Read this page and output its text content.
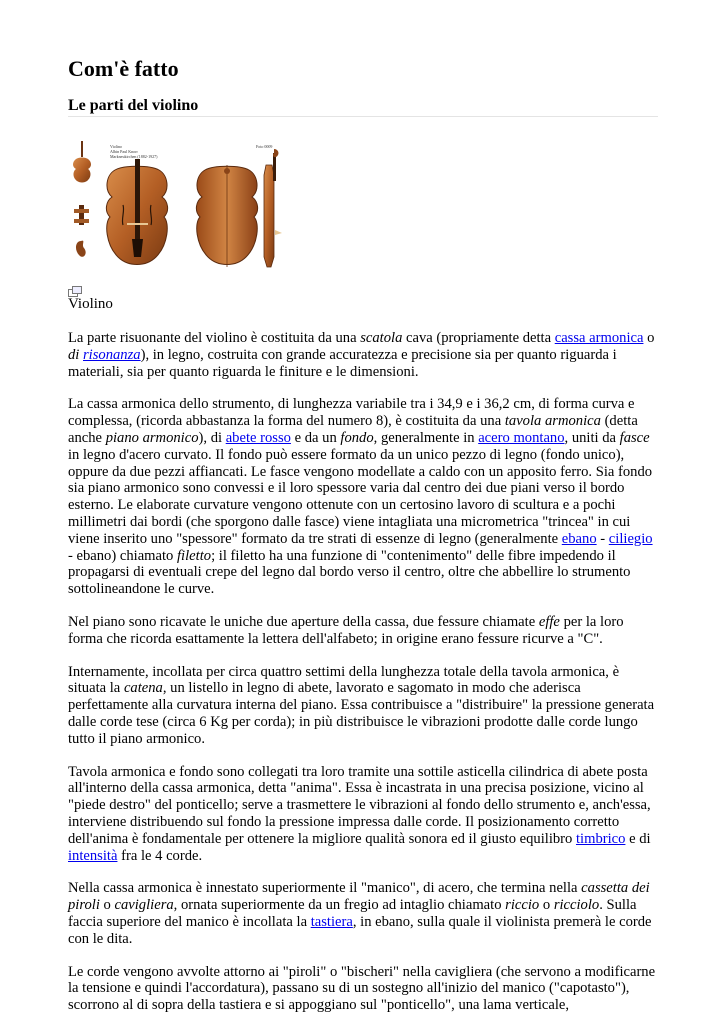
Com'è fatto
Le parti del violino
Violino
Albin Paul Knorr
Markneukirchen (1882-1927)
Foto 0009
Violino

La parte risuonante del violino è costituita da una scatola cava (propriamente detta cassa armonica o di risonanza), in legno, costruita con grande accuratezza e precisione sia per quanto riguarda i materiali, sia per quanto riguarda le finiture e le dimensioni.

La cassa armonica dello strumento, di lunghezza variabile tra i 34,9 e i 36,2 cm, di forma curva e complessa, (ricorda abbastanza la forma del numero 8), è costituita da una tavola armonica (detta anche piano armonico), di abete rosso e da un fondo, generalmente in acero montano, uniti da fasce in legno d'acero curvato. Il fondo può essere formato da un unico pezzo di legno (fondo unico), oppure da due pezzi affiancati. Le fasce vengono modellate a caldo con un apposito ferro. Sia fondo sia piano armonico sono convessi e il loro spessore varia dal centro dei due piani verso il bordo esterno. Le elaborate curvature vengono ottenute con un certosino lavoro di scultura e a pochi millimetri dai bordi (che sporgono dalle fasce) viene intagliata una micrometrica "trincea" in cui viene inserito uno "spessore" formato da tre strati di essenze di legno (generalmente ebano - ciliegio - ebano) chiamato filetto; il filetto ha una funzione di "contenimento" delle fibre impedendo il propagarsi di eventuali crepe del legno dal bordo verso il centro, oltre che abbellire lo strumento sottolineandone le curve.

Nel piano sono ricavate le uniche due aperture della cassa, due fessure chiamate effe per la loro forma che ricorda esattamente la lettera dell'alfabeto; in origine erano fessure ricurve a "C".

Internamente, incollata per circa quattro settimi della lunghezza totale della tavola armonica, è situata la catena, un listello in legno di abete, lavorato e sagomato in modo che aderisca perfettamente alla curvatura interna del piano. Essa contribuisce a "distribuire" la pressione generata dalle corde tese (circa 6 Kg per corda); in più distribuisce le vibrazioni prodotte dalle corde lungo tutto il piano armonico.

Tavola armonica e fondo sono collegati tra loro tramite una sottile asticella cilindrica di abete posta all'interno della cassa armonica, detta "anima". Essa è incastrata in una precisa posizione, vicino al "piede destro" del ponticello; serve a trasmettere le vibrazioni al fondo dello strumento e, anch'essa, interviene distribuendo sul fondo la pressione impressa dalle corde. Il posizionamento corretto dell'anima è fondamentale per ottenere la migliore qualità sonora ed il giusto equilibro timbrico e di intensità fra le 4 corde.

Nella cassa armonica è innestato superiormente il "manico", di acero, che termina nella cassetta dei piroli o cavigliera, ornata superiormente da un fregio ad intaglio chiamato riccio o ricciolo. Sulla faccia superiore del manico è incollata la tastiera, in ebano, sulla quale il violinista premerà le corde con le dita.

Le corde vengono avvolte attorno ai "piroli" o "bischeri" nella cavigliera (che servono a modificarne la tensione e quindi l'accordatura), passano su di un sostegno all'inizio del manico ("capotasto"), scorrono al di sopra della tastiera e si appoggiano sul "ponticello", una lama verticale,
